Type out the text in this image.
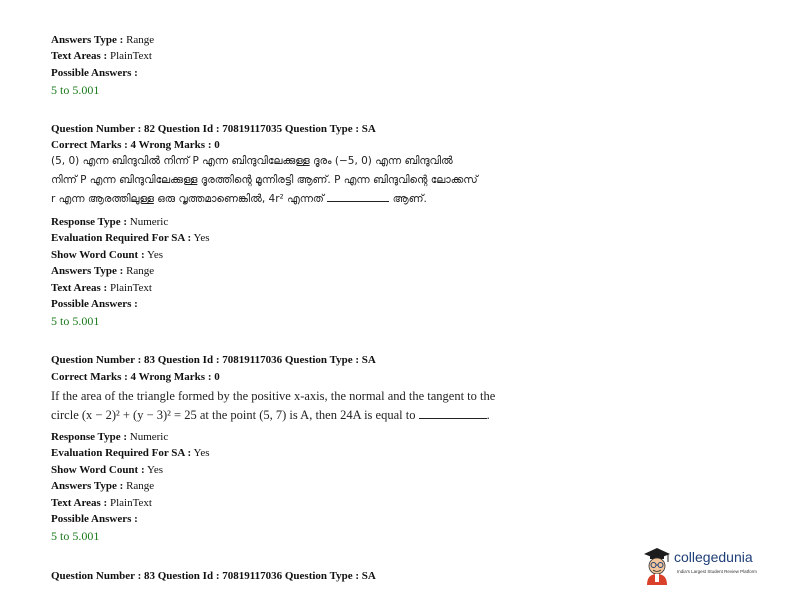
Answers Type : Range
Text Areas : PlainText
Possible Answers :
5 to 5.001
Question Number : 82 Question Id : 70819117035 Question Type : SA
Correct Marks : 4 Wrong Marks : 0
(5, 0) എന്ന ബിന്ദുവിൽ നിന്ന് P എന്ന ബിന്ദുവിലേക്കുള്ള ദൂരം (−5, 0) എന്ന ബിന്ദുവിൽ
നിന്ന് P എന്ന ബിന്ദുവിലേക്കുള്ള ദൂരത്തിന്റെ മൂന്നിരട്ടി ആണ്. P എന്ന ബിന്ദുവിന്റെ ലോക്കസ്
r എന്ന ആരത്തിലുള്ള ഒരു വൃത്തമാണെങ്കിൽ, 4r² എന്നത്	ആണ്.
Response Type : Numeric
Evaluation Required For SA : Yes
Show Word Count : Yes
Answers Type : Range
Text Areas : PlainText
Possible Answers :
5 to 5.001
Question Number : 83 Question Id : 70819117036 Question Type : SA
Correct Marks : 4 Wrong Marks : 0
If the area of the triangle formed by the positive x-axis, the normal and the tangent to the
circle (x − 2)² + (y − 3)² = 25 at the point (5, 7) is A, then 24A is equal to	.
Response Type : Numeric
Evaluation Required For SA : Yes
Show Word Count : Yes
Answers Type : Range
Text Areas : PlainText
Possible Answers :
5 to 5.001
Question Number : 83 Question Id : 70819117036 Question Type : SA
collegedunia
India's Largest Student Review Platform
